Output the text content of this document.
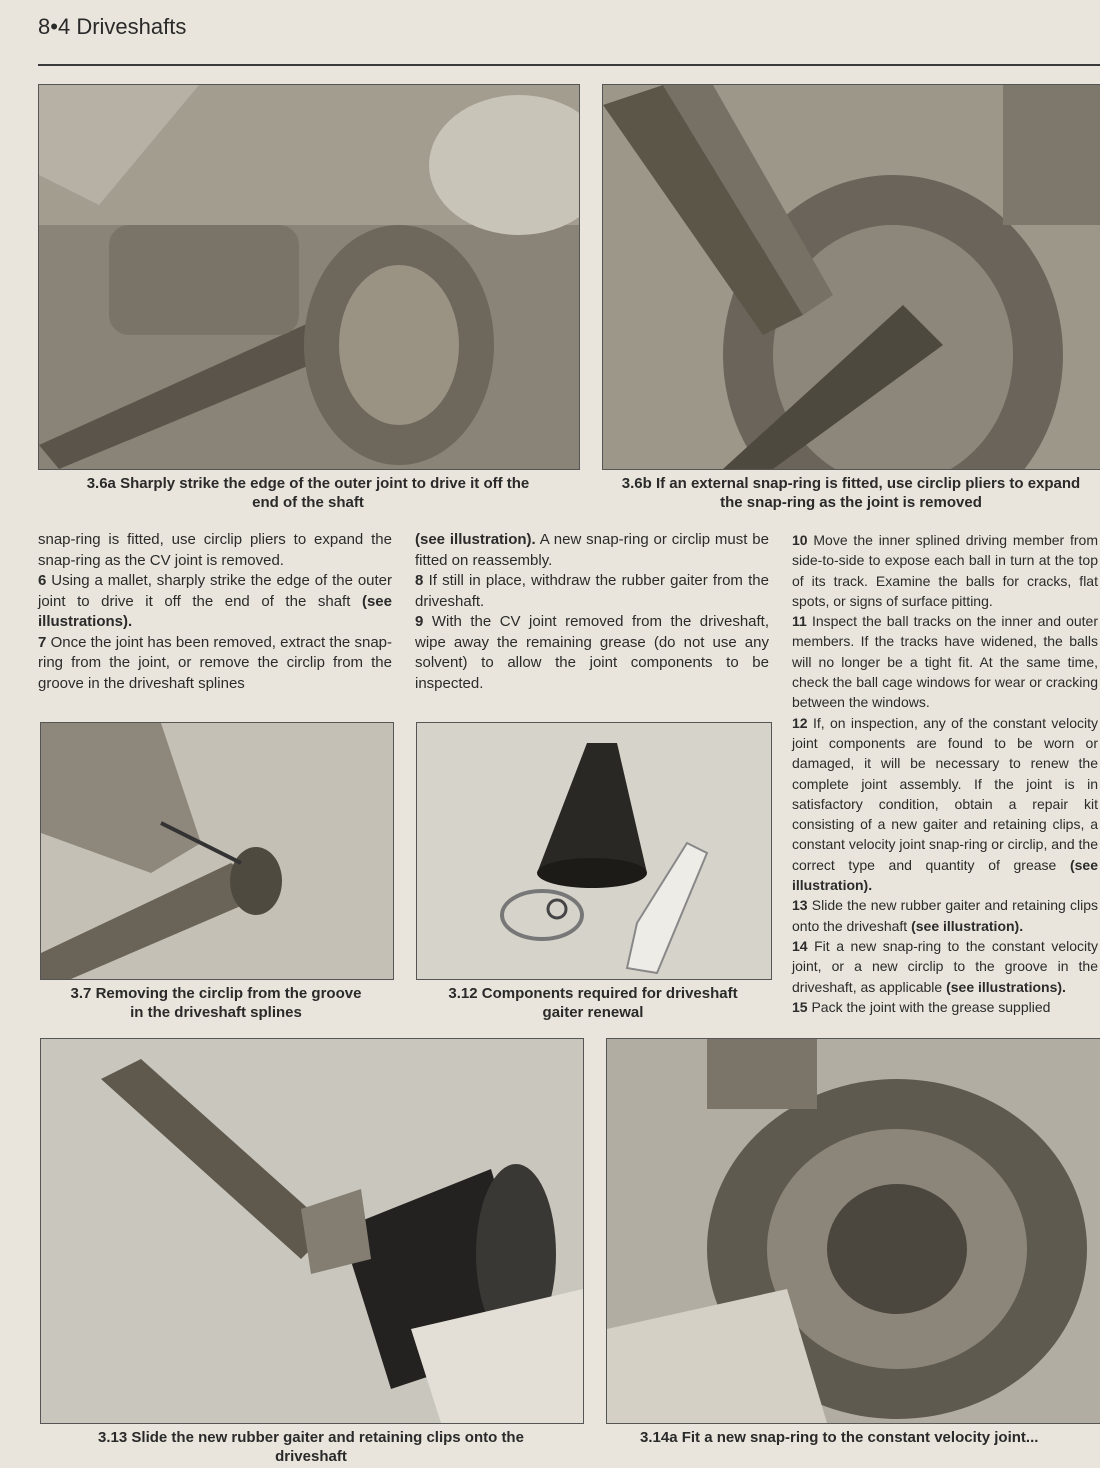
8•4 Driveshafts
3.6a Sharply strike the edge of the outer joint to drive it off the
end of the shaft
3.6b If an external snap-ring is fitted, use circlip pliers to expand
the snap-ring as the joint is removed

snap-ring is fitted, use circlip pliers to expand the snap-ring as the CV joint is removed.

6 Using a mallet, sharply strike the edge of the outer joint to drive it off the end of the shaft (see illustrations).

7 Once the joint has been removed, extract the snap-ring from the joint, or remove the circlip from the groove in the driveshaft splines

(see illustration). A new snap-ring or circlip must be fitted on reassembly.

8 If still in place, withdraw the rubber gaiter from the driveshaft.

9 With the CV joint removed from the driveshaft, wipe away the remaining grease (do not use any solvent) to allow the joint components to be inspected.

10 Move the inner splined driving member from side-to-side to expose each ball in turn at the top of its track. Examine the balls for cracks, flat spots, or signs of surface pitting.

11 Inspect the ball tracks on the inner and outer members. If the tracks have widened, the balls will no longer be a tight fit. At the same time, check the ball cage windows for wear or cracking between the windows.

12 If, on inspection, any of the constant velocity joint components are found to be worn or damaged, it will be necessary to renew the complete joint assembly. If the joint is in satisfactory condition, obtain a repair kit consisting of a new gaiter and retaining clips, a constant velocity joint snap-ring or circlip, and the correct type and quantity of grease (see illustration).

13 Slide the new rubber gaiter and retaining clips onto the driveshaft (see illustration).

14 Fit a new snap-ring to the constant velocity joint, or a new circlip to the groove in the driveshaft, as applicable (see illustrations).

15 Pack the joint with the grease supplied

3.7 Removing the circlip from the groove
in the driveshaft splines
3.12 Components required for driveshaft
gaiter renewal
3.13 Slide the new rubber gaiter and retaining clips onto the
driveshaft
3.14a Fit a new snap-ring to the constant velocity joint...
